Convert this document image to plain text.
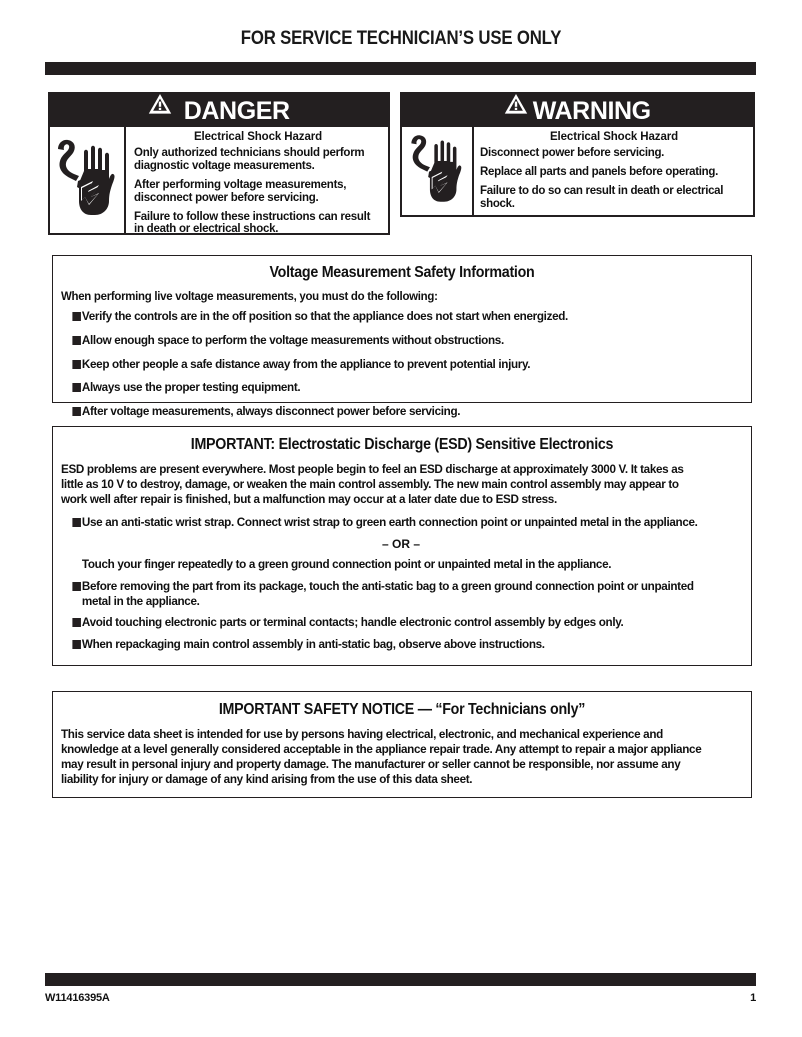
FOR SERVICE TECHNICIAN’S USE ONLY
DANGER
Electrical Shock Hazard
Only authorized technicians should perform diagnostic voltage measurements.
After performing voltage measurements, disconnect power before servicing.
Failure to follow these instructions can result in death or electrical shock.
WARNING
Electrical Shock Hazard
Disconnect power before servicing.
Replace all parts and panels before operating.
Failure to do so can result in death or electrical shock.
Voltage Measurement Safety Information
When performing live voltage measurements, you must do the following:
Verify the controls are in the off position so that the appliance does not start when energized.
Allow enough space to perform the voltage measurements without obstructions.
Keep other people a safe distance away from the appliance to prevent potential injury.
Always use the proper testing equipment.
After voltage measurements, always disconnect power before servicing.
IMPORTANT: Electrostatic Discharge (ESD) Sensitive Electronics

ESD problems are present everywhere. Most people begin to feel an ESD discharge at approximately 3000 V. It takes as little as 10 V to destroy, damage, or weaken the main control assembly. The new main control assembly may appear to work well after repair is finished, but a malfunction may occur at a later date due to ESD stress.

Use an anti-static wrist strap. Connect wrist strap to green earth connection point or unpainted metal in the appliance.
– OR –
Touch your finger repeatedly to a green ground connection point or unpainted metal in the appliance.
Before removing the part from its package, touch the anti-static bag to a green ground connection point or unpainted metal in the appliance.
Avoid touching electronic parts or terminal contacts; handle electronic control assembly by edges only.
When repackaging main control assembly in anti-static bag, observe above instructions.
IMPORTANT SAFETY NOTICE — “For Technicians only”

This service data sheet is intended for use by persons having electrical, electronic, and mechanical experience and knowledge at a level generally considered acceptable in the appliance repair trade. Any attempt to repair a major appliance may result in personal injury and property damage. The manufacturer or seller cannot be responsible, nor assume any liability for injury or damage of any kind arising from the use of this data sheet.

W11416395A	1
